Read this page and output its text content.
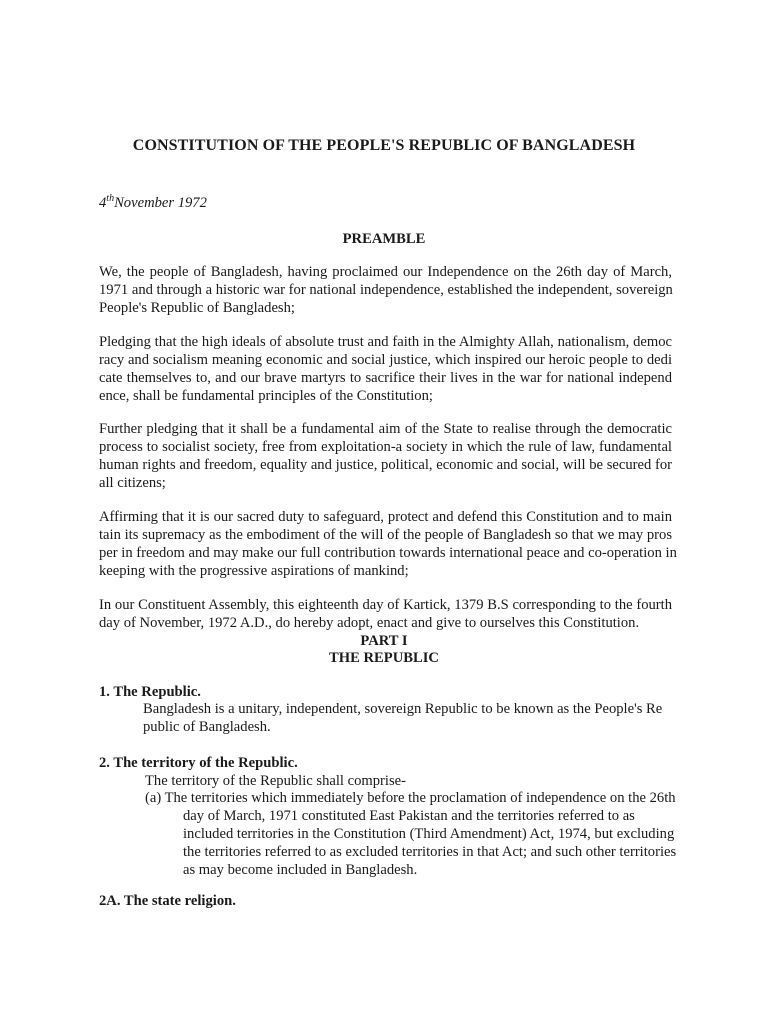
CONSTITUTION OF THE PEOPLE'S REPUBLIC OF BANGLADESH
4thNovember 1972
PREAMBLE
We, the people of Bangladesh, having proclaimed our Independence on the 26th day of March,
1971 and through a historic war for national independence, established the independent, sovereign
People's Republic of Bangladesh;
Pledging that the high ideals of absolute trust and faith in the Almighty Allah, nationalism, democ
racy and socialism meaning economic and social justice, which inspired our heroic people to dedi
cate themselves to, and our brave martyrs to sacrifice their lives in the war for national independ
ence, shall be fundamental principles of the Constitution;
Further pledging that it shall be a fundamental aim of the State to realise through the democratic
process to socialist society, free from exploitation-a society in which the rule of law, fundamental
human rights and freedom, equality and justice, political, economic and social, will be secured for
all citizens;
Affirming that it is our sacred duty to safeguard, protect and defend this Constitution and to main
tain its supremacy as the embodiment of the will of the people of Bangladesh so that we may pros
per in freedom and may make our full contribution towards international peace and co-operation in
keeping with the progressive aspirations of mankind;
In our Constituent Assembly, this eighteenth day of Kartick, 1379 B.S corresponding to the fourth
day of November, 1972 A.D., do hereby adopt, enact and give to ourselves this Constitution.
PART I
THE REPUBLIC
1. The Republic.
Bangladesh is a unitary, independent, sovereign Republic to be known as the People's Re
public of Bangladesh.
2. The territory of the Republic.
The territory of the Republic shall comprise-
(a) The territories which immediately before the proclamation of independence on the 26th
day of March, 1971 constituted East Pakistan and the territories referred to as
included territories in the Constitution (Third Amendment) Act, 1974, but excluding
the territories referred to as excluded territories in that Act; and such other territories
as may become included in Bangladesh.
2A. The state religion.
